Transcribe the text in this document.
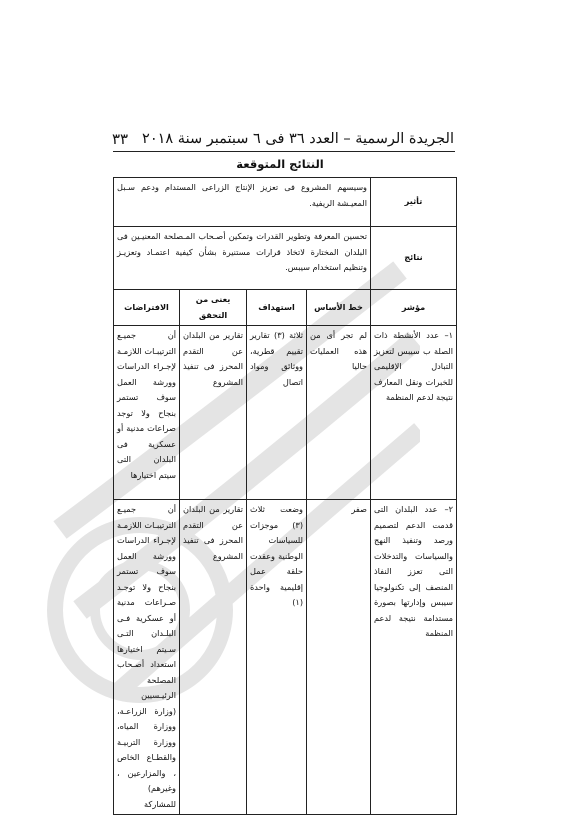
الجريدة الرسمية – العدد ٣٦ فى ٦ سبتمبر سنة ٢٠١٨
٣٣
النتائج المتوقعة
تأثير	وسيسهم المشروع فى تعزيز الإنتاج الزراعى المستدام ودعم سـبل المعيـشة الريفية.			
نتائج	تحسين المعرفة وتطوير القدرات وتمكين أصـحاب المـصلحة المعنيـين فى البلدان المختارة لاتخاذ قرارات مستنيرة بشأن كيفية اعتمـاد وتعزيـز وتنظيم استخدام سيبس.			
مؤشر	خط الأساس	استهداف	يعنى من التحقق	الافتراضات
١– عدد الأنشطة ذات الصلة ب سيبس لتعزيز التبادل الإقليمى للخبرات ونقل المعارف نتيجة لدعم المنظمة	لم تجر أى من هذه العمليات حاليا	ثلاثة (٣) تقارير تقييم قطرية، ووثائق ومواد اتصال	تقارير من البلدان عن التقدم المحرز فى تنفيذ المشروع	أن جميـع الترتيبـات اللازمـة لإجـراء الدراسات وورشة العمل سوف تستمر بنجاح ولا توجد صراعات مدنية أو عسكرية فى البلدان التى سيتم اختيارها
٢– عدد البلدان التى قدمت الدعم لتصميم ورصد وتنفيذ النهج والسياسات والتدخلات التى تعزز النفاذ المنصف إلى تكنولوجيا سيبس وإدارتها بصورة مستدامة نتيجة لدعم المنظمة	صفر	وضعت ثلاث (٣) موجزات للسياسات الوطنية وعقدت حلقة عمل إقليمية واحدة (١)	تقارير من البلدان عن التقدم المحرز فى تنفيذ المشروع	أن جميـع الترتيبـات اللازمـة لإجـراء الدراسات وورشة العمل سوف تستمر بنجاح ولا توجـد صـراعات مدنية أو عسكرية فـى البلـدان التـى سـيتم اختيارها استعداد أصـحاب المصلحة الرئيـسيين (وزارة الزراعـة، ووزارة المياه، ووزارة التربيـة والقطـاع الخاص ، والمزارعين ، وغيرهم) للمشاركة
